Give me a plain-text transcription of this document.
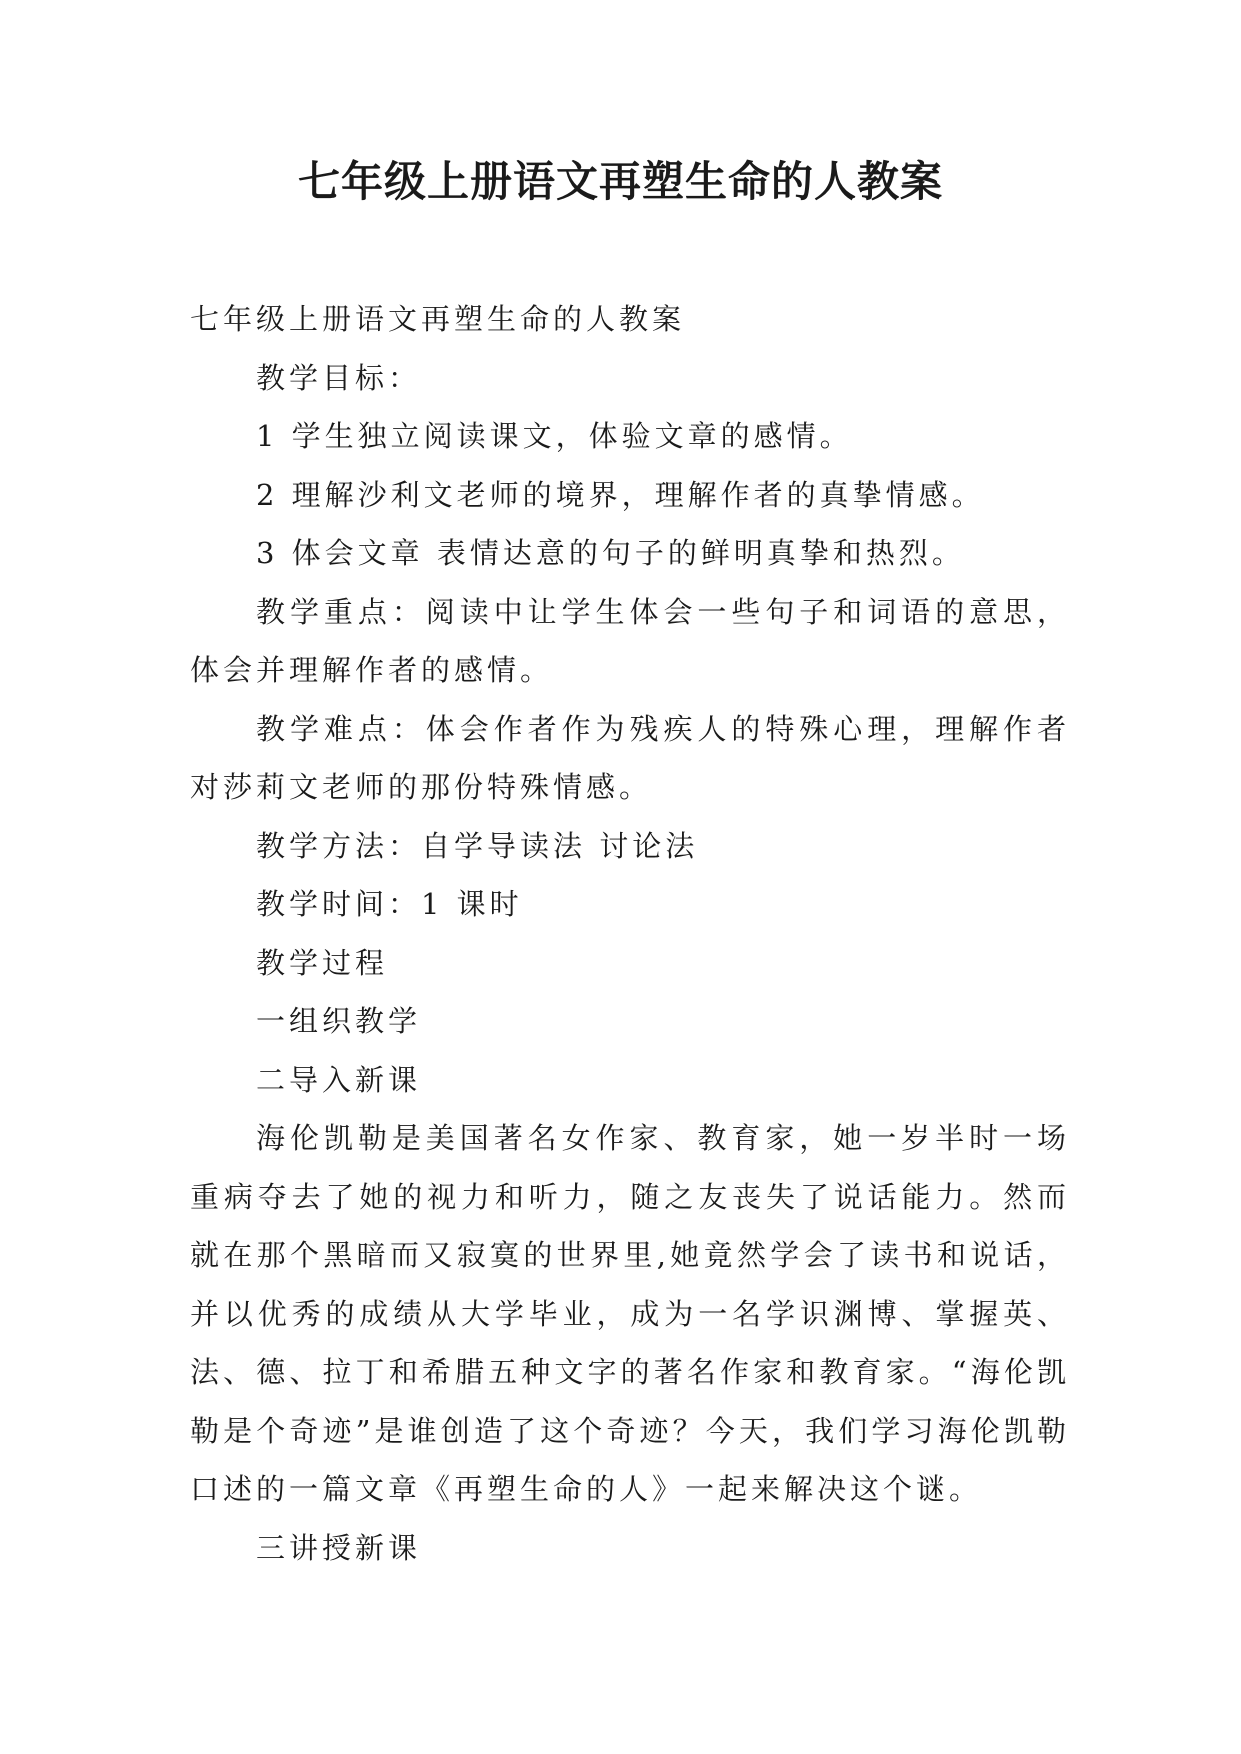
七年级上册语文再塑生命的人教案

七年级上册语文再塑生命的人教案

教学目标：

1 学生独立阅读课文，体验文章的感情。

2 理解沙利文老师的境界，理解作者的真挚情感。

3 体会文章 表情达意的句子的鲜明真挚和热烈。

教学重点：阅读中让学生体会一些句子和词语的意思，体会并理解作者的感情。

教学难点：体会作者作为残疾人的特殊心理，理解作者对莎莉文老师的那份特殊情感。

教学方法：自学导读法 讨论法

教学时间：1 课时

教学过程

一组织教学

二导入新课

海伦凯勒是美国著名女作家、教育家，她一岁半时一场重病夺去了她的视力和听力，随之友丧失了说话能力。然而就在那个黑暗而又寂寞的世界里,她竟然学会了读书和说话，并以优秀的成绩从大学毕业，成为一名学识渊博、掌握英、法、德、拉丁和希腊五种文字的著名作家和教育家。“海伦凯勒是个奇迹”是谁创造了这个奇迹？今天，我们学习海伦凯勒口述的一篇文章《再塑生命的人》一起来解决这个谜。

三讲授新课
